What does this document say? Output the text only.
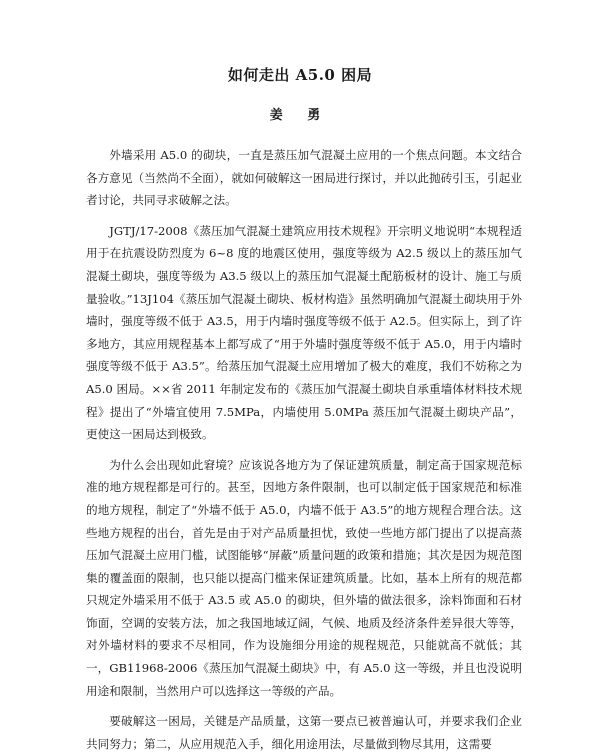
如何走出 A5.0 困局
姜 勇

外墙采用 A5.0 的砌块，一直是蒸压加气混凝土应用的一个焦点问题。本文结合各方意见（当然尚不全面），就如何破解这一困局进行探讨，并以此抛砖引玉，引起业者讨论，共同寻求破解之法。

JGTJ/17-2008《蒸压加气混凝土建筑应用技术规程》开宗明义地说明“本规程适用于在抗震设防烈度为 6~8 度的地震区使用，强度等级为 A2.5 级以上的蒸压加气混凝土砌块，强度等级为 A3.5 级以上的蒸压加气混凝土配筋板材的设计、施工与质量验收。”13J104《蒸压加气混凝土砌块、板材构造》虽然明确加气混凝土砌块用于外墙时，强度等级不低于 A3.5，用于内墙时强度等级不低于 A2.5。但实际上，到了许多地方，其应用规程基本上都写成了“用于外墙时强度等级不低于 A5.0，用于内墙时强度等级不低于 A3.5”。给蒸压加气混凝土应用增加了极大的难度，我们不妨称之为 A5.0 困局。××省 2011 年制定发布的《蒸压加气混凝土砌块自承重墙体材料技术规程》提出了“外墙宜使用 7.5MPa，内墙使用 5.0MPa 蒸压加气混凝土砌块产品”，更使这一困局达到极致。

为什么会出现如此窘境？应该说各地方为了保证建筑质量，制定高于国家规范标准的地方规程都是可行的。甚至，因地方条件限制，也可以制定低于国家规范和标准的地方规程，制定了“外墙不低于 A5.0，内墙不低于 A3.5”的地方规程合理合法。这些地方规程的出台，首先是由于对产品质量担忧，致使一些地方部门提出了以提高蒸压加气混凝土应用门槛，试图能够“屏蔽”质量问题的政策和措施；其次是因为规范图集的覆盖面的限制，也只能以提高门槛来保证建筑质量。比如，基本上所有的规范都只规定外墙采用不低于 A3.5 或 A5.0 的砌块，但外墙的做法很多，涂料饰面和石材饰面，空调的安装方法，加之我国地域辽阔，气候、地质及经济条件差异很大等等，对外墙材料的要求不尽相同，作为设施细分用途的规程规范，只能就高不就低；其一，GB11968-2006《蒸压加气混凝土砌块》中，有 A5.0 这一等级，并且也没说明用途和限制，当然用户可以选择这一等级的产品。

要破解这一困局，关键是产品质量，这第一要点已被普遍认可，并要求我们企业共同努力；第二，从应用规范入手，细化用途用法，尽量做到物尽其用，这需要
